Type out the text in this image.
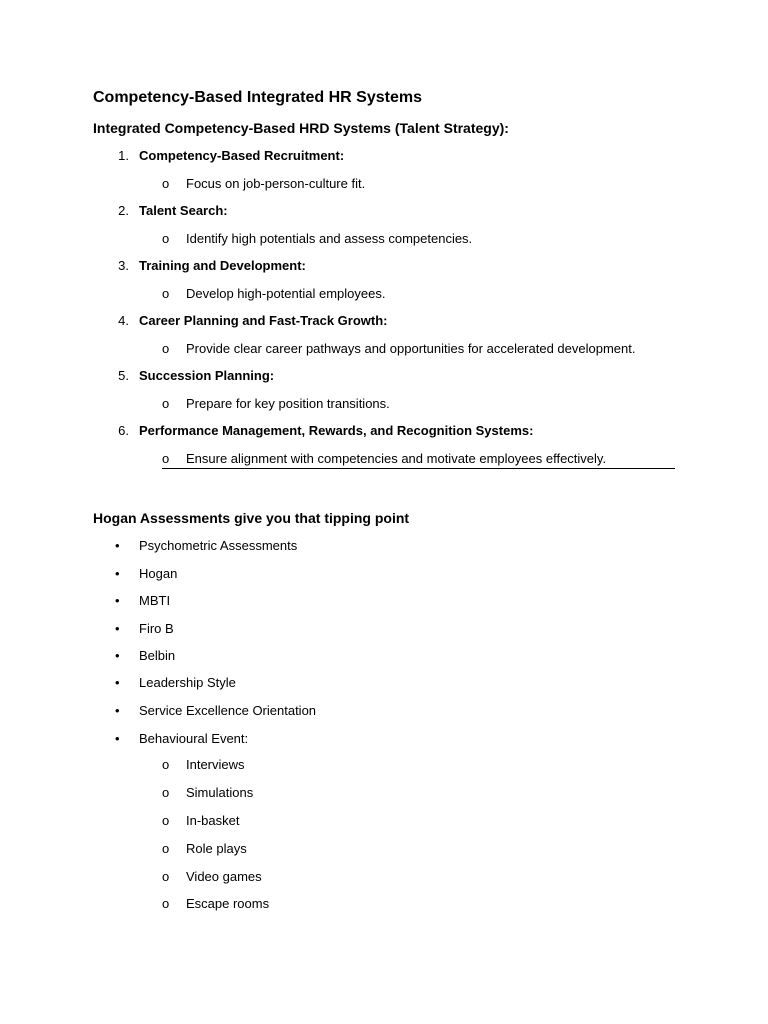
Competency-Based Integrated HR Systems
Integrated Competency-Based HRD Systems (Talent Strategy):
1. Competency-Based Recruitment:
o Focus on job-person-culture fit.
2. Talent Search:
o Identify high potentials and assess competencies.
3. Training and Development:
o Develop high-potential employees.
4. Career Planning and Fast-Track Growth:
o Provide clear career pathways and opportunities for accelerated development.
5. Succession Planning:
o Prepare for key position transitions.
6. Performance Management, Rewards, and Recognition Systems:
o Ensure alignment with competencies and motivate employees effectively.
Hogan Assessments give you that tipping point
• Psychometric Assessments
• Hogan
• MBTI
• Firo B
• Belbin
• Leadership Style
• Service Excellence Orientation
• Behavioural Event:
o Interviews
o Simulations
o In-basket
o Role plays
o Video games
o Escape rooms
